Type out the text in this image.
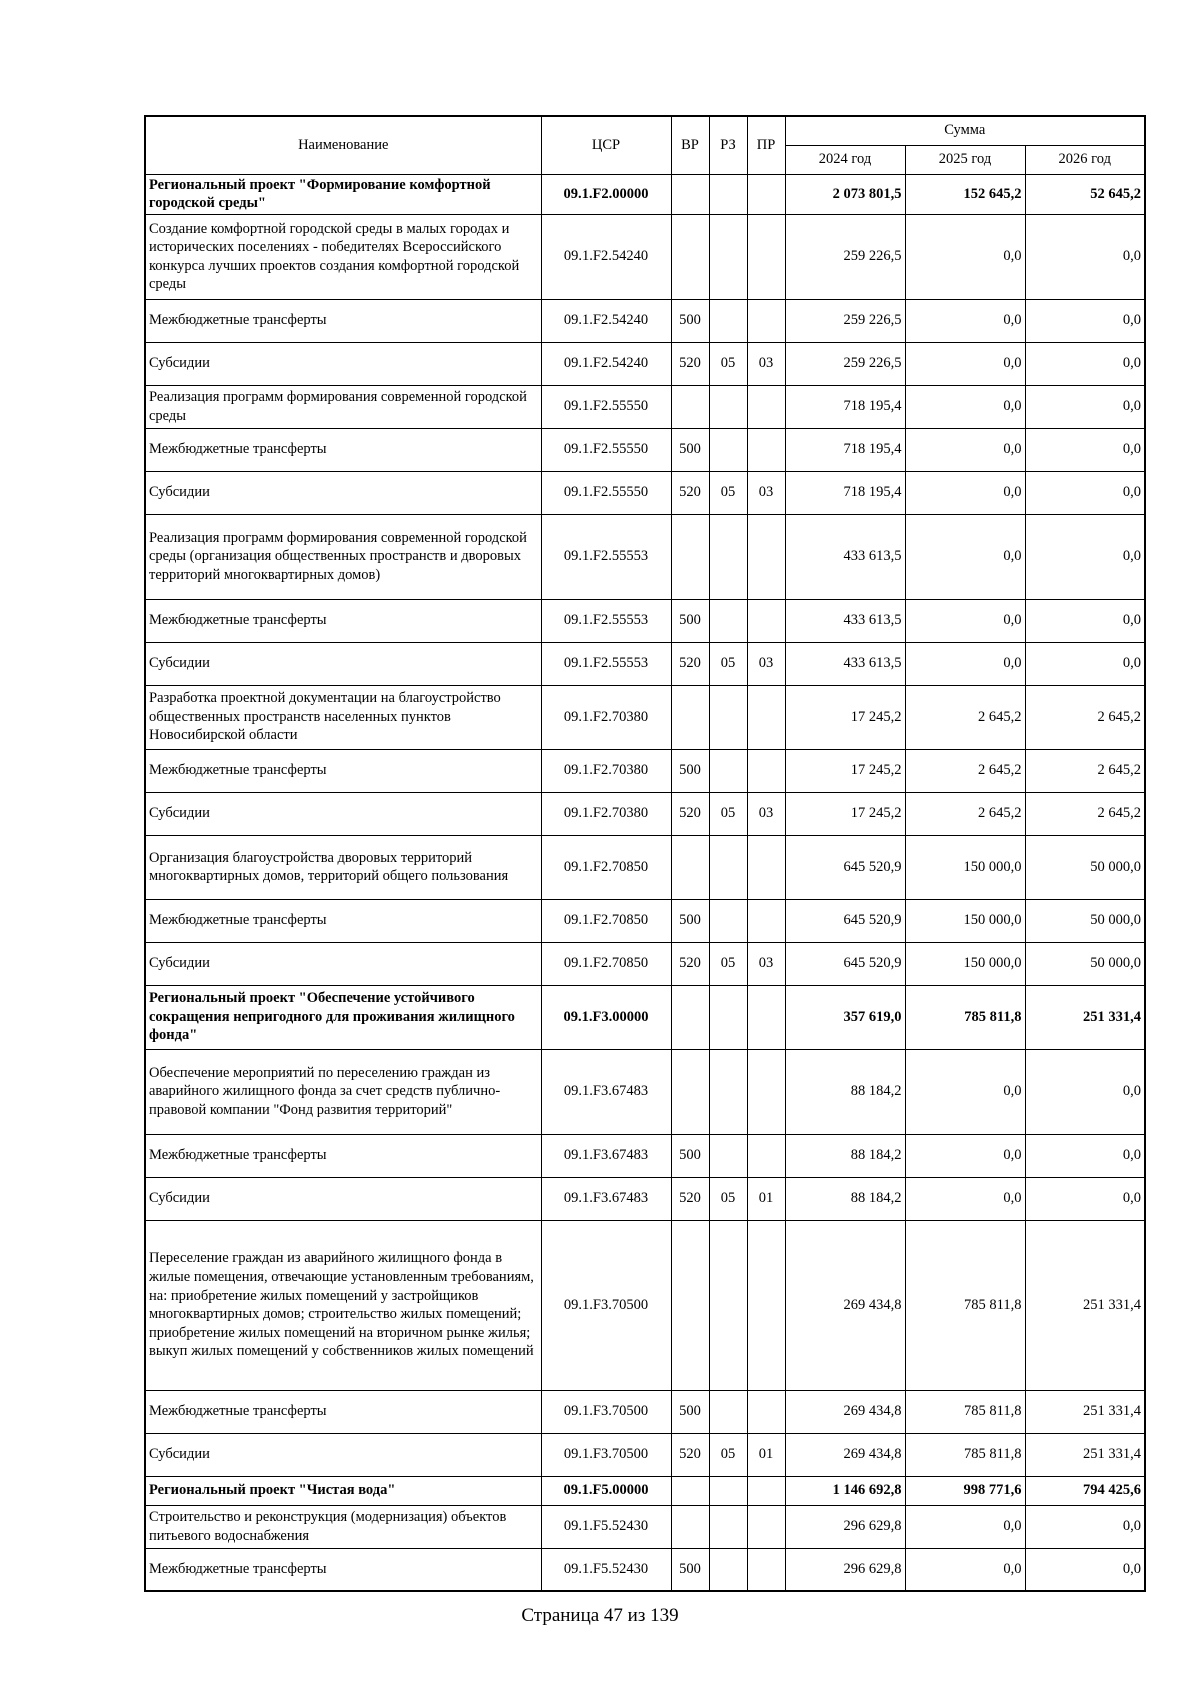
Наименование	ЦСР	ВР	РЗ	ПР	Сумма		
					2024 год	2025 год	2026 год
Региональный проект "Формирование комфортной городской среды"	09.1.F2.00000				2 073 801,5	152 645,2	52 645,2
Создание комфортной городской среды в малых городах и исторических поселениях - победителях Всероссийского конкурса лучших проектов создания комфортной городской среды	09.1.F2.54240				259 226,5	0,0	0,0
Межбюджетные трансферты	09.1.F2.54240	500			259 226,5	0,0	0,0
Субсидии	09.1.F2.54240	520	05	03	259 226,5	0,0	0,0
Реализация программ формирования современной городской среды	09.1.F2.55550				718 195,4	0,0	0,0
Межбюджетные трансферты	09.1.F2.55550	500			718 195,4	0,0	0,0
Субсидии	09.1.F2.55550	520	05	03	718 195,4	0,0	0,0
Реализация программ формирования современной городской среды (организация общественных пространств и дворовых территорий многоквартирных домов)	09.1.F2.55553				433 613,5	0,0	0,0
Межбюджетные трансферты	09.1.F2.55553	500			433 613,5	0,0	0,0
Субсидии	09.1.F2.55553	520	05	03	433 613,5	0,0	0,0
Разработка проектной документации на благоустройство общественных пространств населенных пунктов Новосибирской области	09.1.F2.70380				17 245,2	2 645,2	2 645,2
Межбюджетные трансферты	09.1.F2.70380	500			17 245,2	2 645,2	2 645,2
Субсидии	09.1.F2.70380	520	05	03	17 245,2	2 645,2	2 645,2
Организация благоустройства дворовых территорий многоквартирных домов, территорий общего пользования	09.1.F2.70850				645 520,9	150 000,0	50 000,0
Межбюджетные трансферты	09.1.F2.70850	500			645 520,9	150 000,0	50 000,0
Субсидии	09.1.F2.70850	520	05	03	645 520,9	150 000,0	50 000,0
Региональный проект "Обеспечение устойчивого сокращения непригодного для проживания жилищного фонда"	09.1.F3.00000				357 619,0	785 811,8	251 331,4
Обеспечение мероприятий по переселению граждан из аварийного жилищного фонда за счет средств публично-правовой компании "Фонд развития территорий"	09.1.F3.67483				88 184,2	0,0	0,0
Межбюджетные трансферты	09.1.F3.67483	500			88 184,2	0,0	0,0
Субсидии	09.1.F3.67483	520	05	01	88 184,2	0,0	0,0
Переселение граждан из аварийного жилищного фонда в жилые помещения, отвечающие установленным требованиям, на: приобретение жилых помещений у застройщиков многоквартирных домов; строительство жилых помещений; приобретение жилых помещений на вторичном рынке жилья; выкуп жилых помещений у собственников жилых помещений	09.1.F3.70500				269 434,8	785 811,8	251 331,4
Межбюджетные трансферты	09.1.F3.70500	500			269 434,8	785 811,8	251 331,4
Субсидии	09.1.F3.70500	520	05	01	269 434,8	785 811,8	251 331,4
Региональный проект "Чистая вода"	09.1.F5.00000				1 146 692,8	998 771,6	794 425,6
Строительство и реконструкция (модернизация) объектов питьевого водоснабжения	09.1.F5.52430				296 629,8	0,0	0,0
Межбюджетные трансферты	09.1.F5.52430	500			296 629,8	0,0	0,0
Страница 47 из 139
